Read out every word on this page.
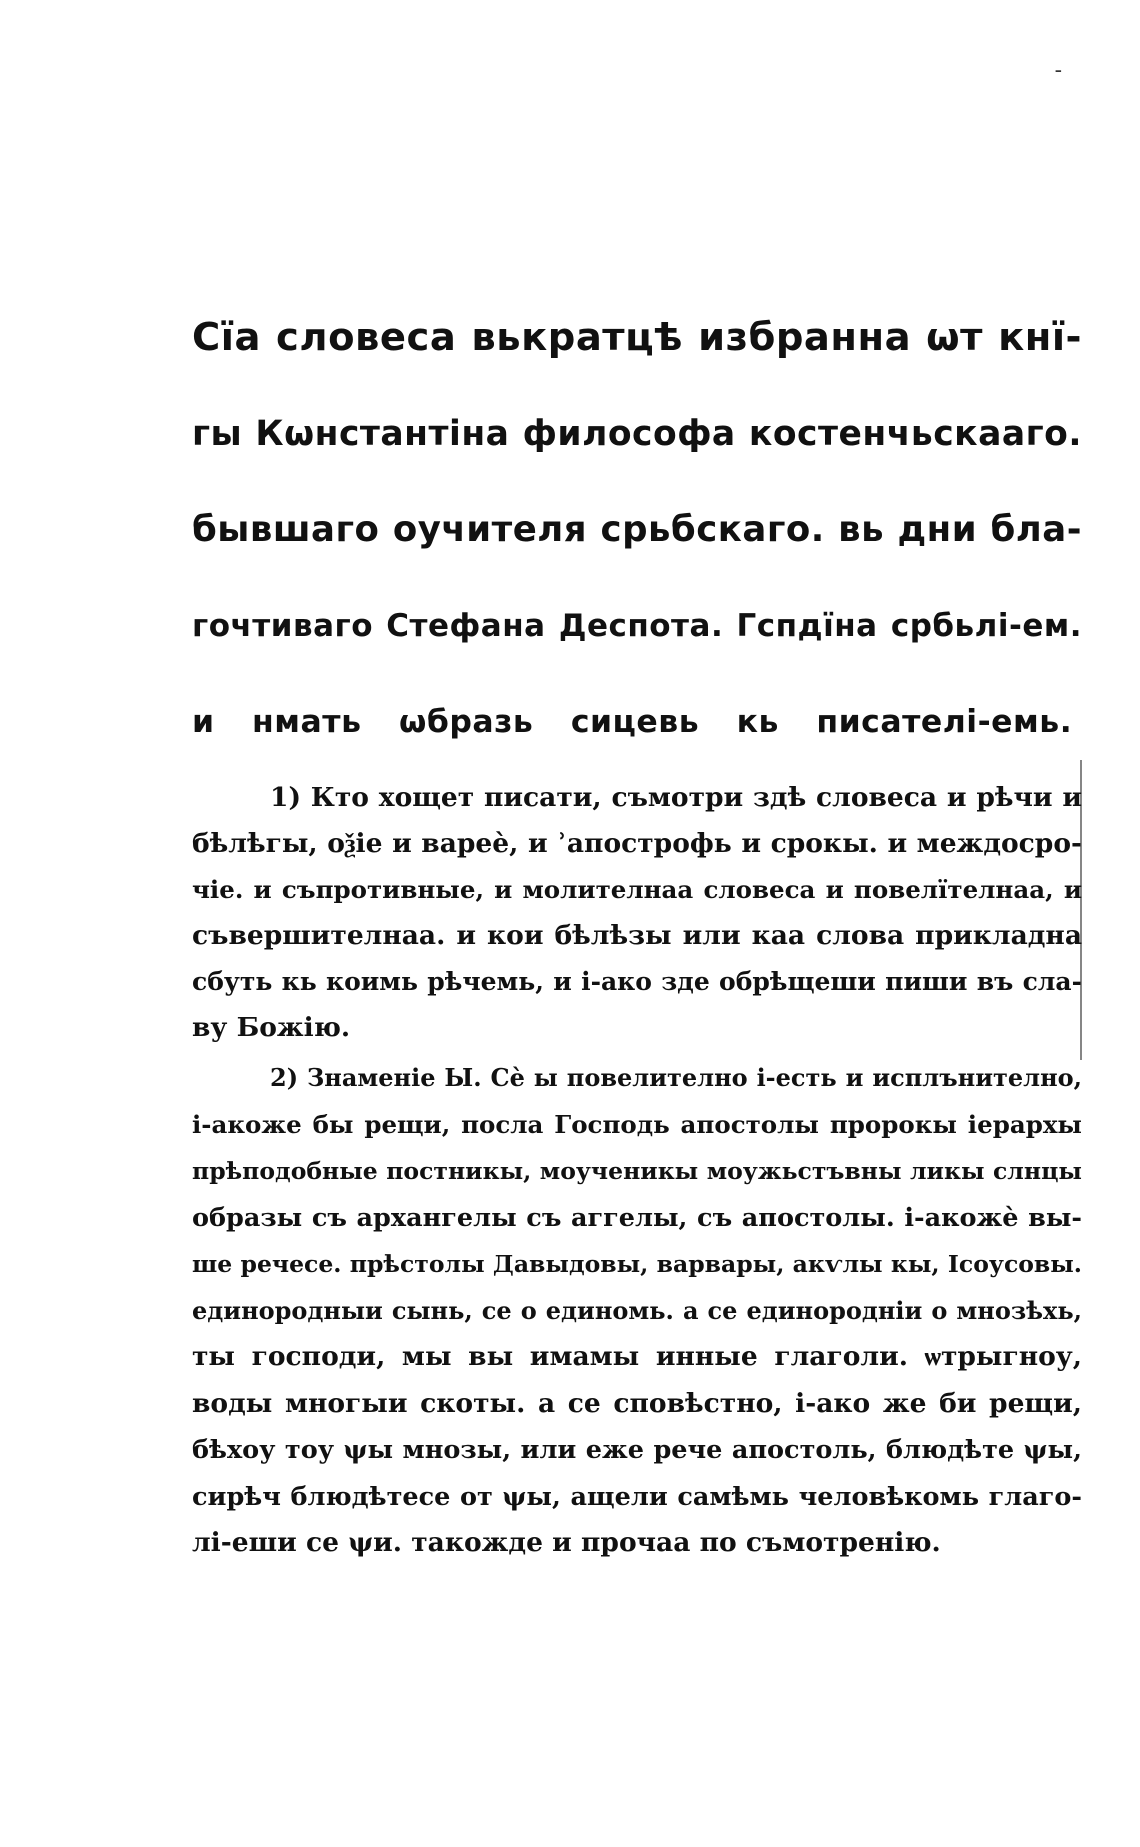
-
Сїа словеса вькратцѣ избранна ѡт кнї-
гы Кѡнстантіна философа костенчьскааго.
бывшаго оучителя срьбскаго. вь дни бла-
гочтиваго Стефана Деспота. Гспдїна србьлі-ем.
и нмать ѡбразь сицевь кь писателі-емь.
1) Кто хощет писати, съмотри здѣ словеса и рѣчи и
бѣлѣгы, оѯіе и вареѐ, и ʾапострофь и срокы. и междосро-
чіе. и съпротивные, и молителнаа словеса и повелїтелнаа, и
съвершителнаа. и кои бѣлѣзы или каа слова прикладна
сбуть кь коимь рѣчемь, и і-ако зде обрѣщеши пиши въ сла-
ву Божію.
2) Знаменіе Ы. Сѐ ы повелително і-есть и исплънително,
і-акоже бы рещи, посла Господь апостолы пророкы іерархы
прѣподобные постникы, моученикы моужьстъвны ликы слнцы
образы съ архангелы съ аггелы, съ апостолы. і-акожѐ вы-
ше речесе. прѣстолы Давыдовы, варвары, акѵлы кы, Ісоусовы.
единородныи сынь, се о единомь. а се единородніи о мнозѣхь,
ты господи, мы вы имамы инные глаголи. ѡтрыгноу,
воды многыи скоты. а се сповѣстно, і-ако же би рещи,
бѣхоу тоу ψы мнозы, или еже рече апостоль, блюдѣте ψы,
сирѣч блюдѣтесе от ψы, ащели самѣмь человѣкомь глаго-
лі-еши се ψи. такожде и прочаа по съмотренію.
